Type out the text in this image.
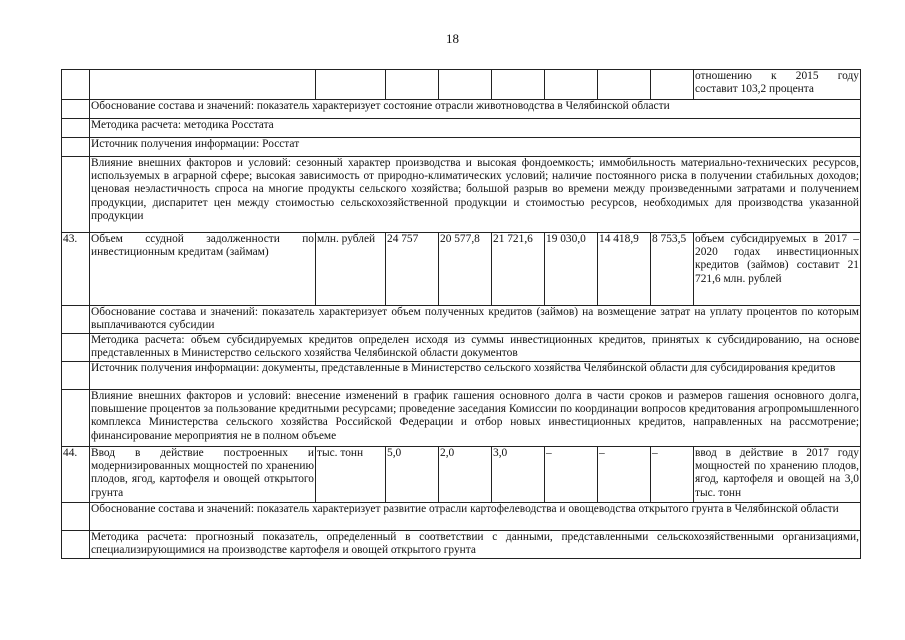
18

									отношению к 2015 году
составит 103,2 процента

	Обоснование состава и значений: показатель характеризует состояние отрасли животноводства в Челябинской области								
	Методика расчета: методика Росстата								
	Источник получения информации: Росстат								
	Влияние внешних факторов и условий: сезонный характер производства и высокая фондоемкость; иммобильность материально-технических ресурсов, используемых в аграрной сфере; высокая зависимость от природно-климатических условий; наличие постоянного риска в получении стабильных доходов; ценовая неэластичность спроса на многие продукты сельского хозяйства; большой разрыв во времени между произведенными затратами и получением продукции, диспаритет цен между стоимостью сельскохозяйственной продукции и стоимостью ресурсов, необходимых для производства указанной продукции								
43.	Объем ссудной задолженности по инвестиционным кредитам (займам)	млн. рублей	24 757	20 577,8	21 721,6	19 030,0	14 418,9	8 753,5	объем субсидируемых в 2017 – 2020 годах инвестиционных кредитов (займов) составит 21 721,6 млн. рублей
	Обоснование состава и значений: показатель характеризует объем полученных кредитов (займов) на возмещение затрат на уплату процентов по которым выплачиваются субсидии								
	Методика расчета: объем субсидируемых кредитов определен исходя из суммы инвестиционных кредитов, принятых к субсидированию, на основе представленных в Министерство сельского хозяйства Челябинской области документов								
	Источник получения информации: документы, представленные в Министерство сельского хозяйства Челябинской области для субсидирования кредитов								
	Влияние внешних факторов и условий: внесение изменений в график гашения основного долга в части сроков и размеров гашения основного долга, повышение процентов за пользование кредитными ресурсами; проведение заседания Комиссии по координации вопросов кредитования агропромышленного комплекса Министерства сельского хозяйства Российской Федерации и отбор новых инвестиционных кредитов, направленных на рассмотрение; финансирование мероприятия не в полном объеме								
44.	Ввод в действие построенных и модернизированных мощностей по хранению плодов, ягод, картофеля и овощей открытого грунта	тыс. тонн	5,0	2,0	3,0	–	–	–	ввод в действие в 2017 году мощностей по хранению плодов, ягод, картофеля и овощей на 3,0 тыс. тонн
	Обоснование состава и значений: показатель характеризует развитие отрасли картофелеводства и овощеводства открытого грунта в Челябинской области								
	Методика расчета: прогнозный показатель, определенный в соответствии с данными, представленными сельскохозяйственными организациями, специализирующимися на производстве картофеля и овощей открытого грунта								
